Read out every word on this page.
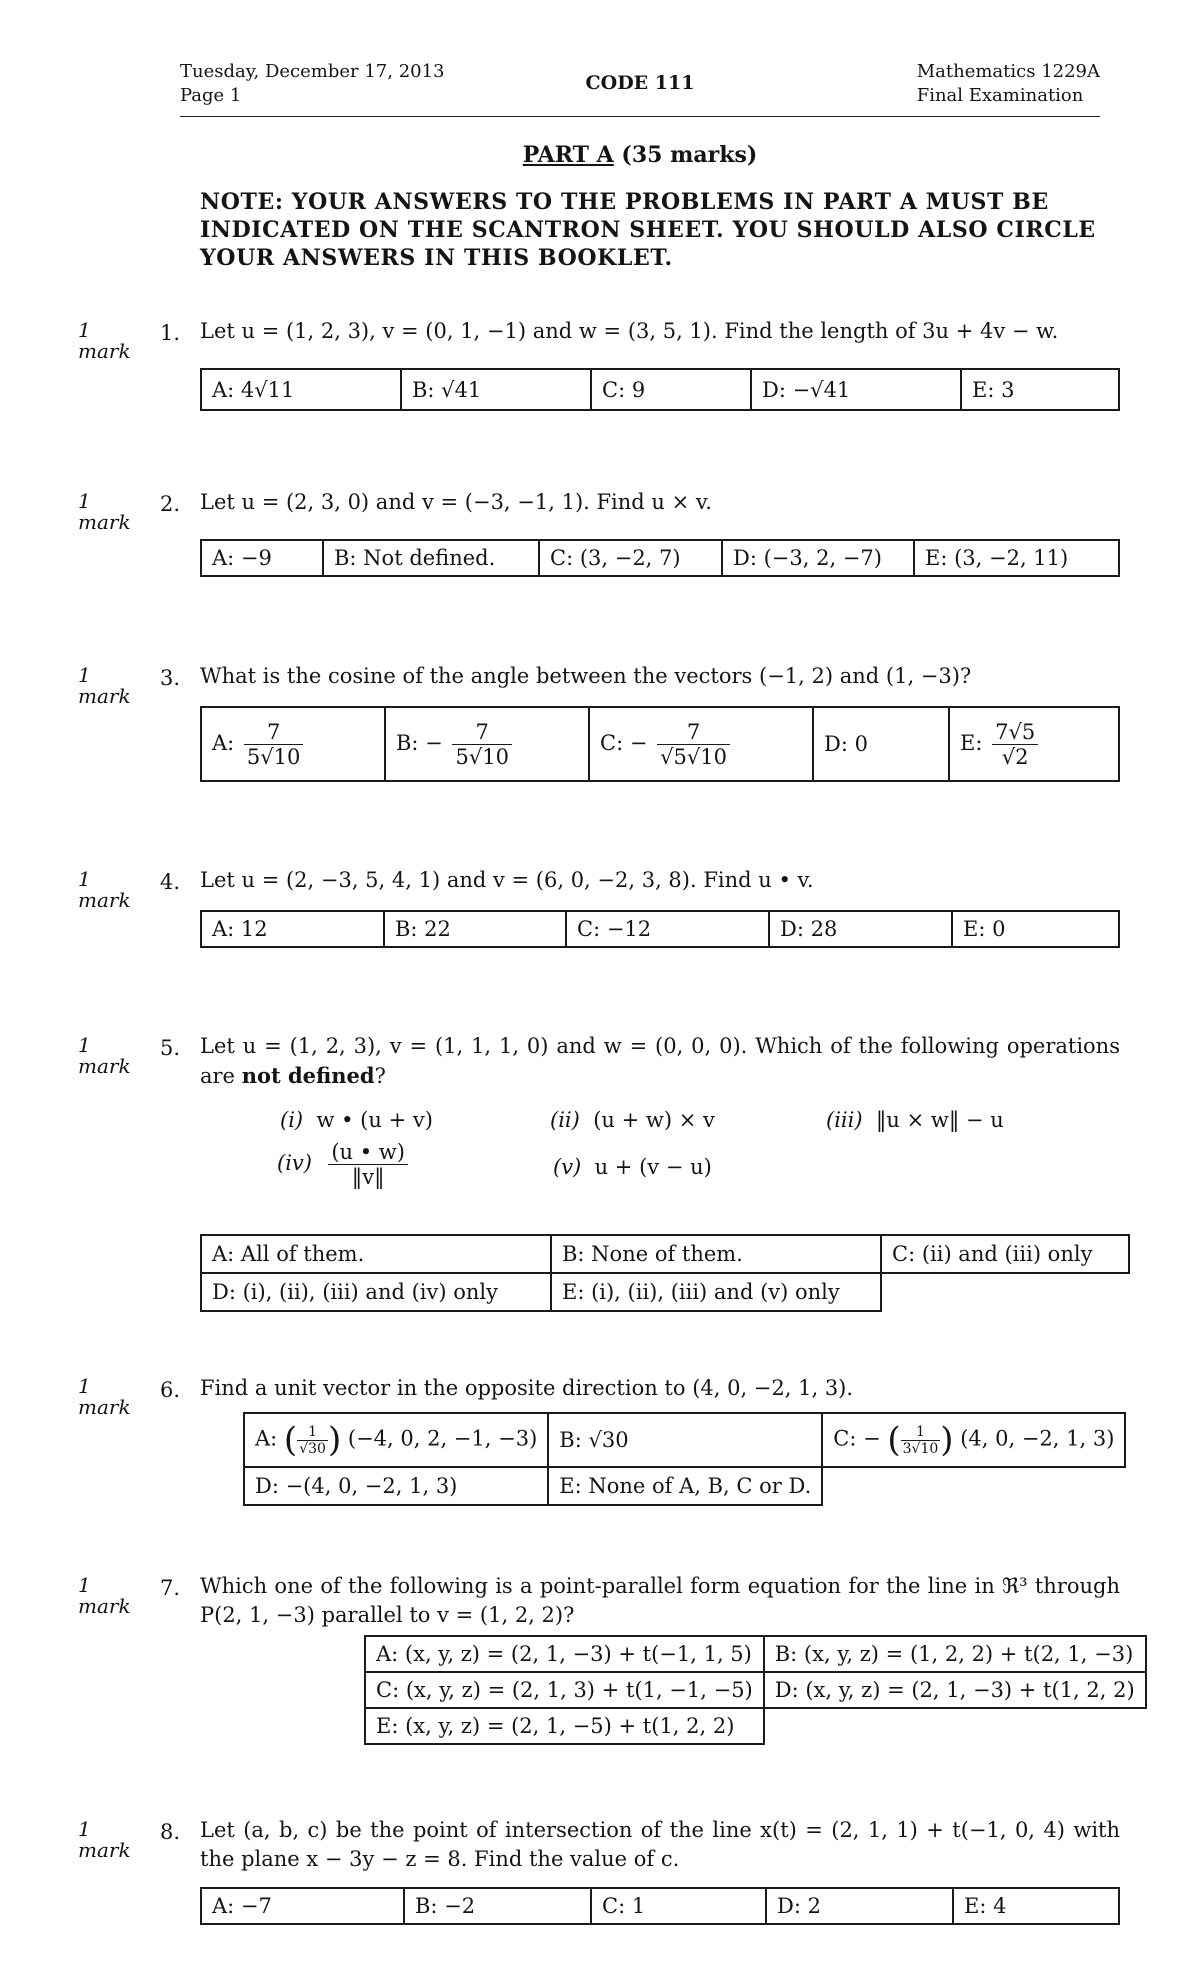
Tuesday, December 17, 2013
Page 1
CODE 111
Mathematics 1229A
Final Examination
PART A (35 marks)
NOTE: YOUR ANSWERS TO THE PROBLEMS IN PART A MUST BE INDICATED ON THE SCANTRON SHEET. YOU SHOULD ALSO CIRCLE YOUR ANSWERS IN THIS BOOKLET.
1
mark
1. Let u = (1, 2, 3), v = (0, 1, −1) and w = (3, 5, 1). Find the length of 3u + 4v − w.
A: 4√11	B: √41	C: 9	D: −√41	E: 3
1
mark
2. Let u = (2, 3, 0) and v = (−3, −1, 1). Find u × v.
A: −9	B: Not defined.	C: (3, −2, 7)	D: (−3, 2, −7)	E: (3, −2, 11)
1
mark
3. What is the cosine of the angle between the vectors (−1, 2) and (1, −3)?
A: $\frac{7}{5√10}$	B: − $\frac{7}{5√10}$	C: − $\frac{7}{√5√10}$	D: 0	E: $\frac{7√5}{√2}$
1
mark
4. Let u = (2, −3, 5, 4, 1) and v = (6, 0, −2, 3, 8). Find u • v.
A: 12	B: 22	C: −12	D: 28	E: 0
1
mark
5. Let u = (1, 2, 3), v = (1, 1, 1, 0) and w = (0, 0, 0). Which of the following operations are not defined?
(i) w • (u + v)	(ii) (u + w) × v	(iii) ‖u × w‖ − u
$(iv) \frac{(u • w)}{‖v‖}$	(v) u + (v − u)
A: All of them.	B: None of them.	C: (ii) and (iii) only
D: (i), (ii), (iii) and (iv) only	E: (i), (ii), (iii) and (v) only	
1
mark
6. Find a unit vector in the opposite direction to (4, 0, −2, 1, 3).
A: ( $\frac{1}{√30}$ ) (−4, 0, 2, −1, −3)	B: √30	C: − ( $\frac{1}{3√10}$ ) (4, 0, −2, 1, 3)
D: −(4, 0, −2, 1, 3)	E: None of A, B, C or D.	
1
mark
7. Which one of the following is a point-parallel form equation for the line in ℜ³ through P(2, 1, −3) parallel to v = (1, 2, 2)?
A: (x, y, z) = (2, 1, −3) + t(−1, 1, 5)	B: (x, y, z) = (1, 2, 2) + t(2, 1, −3)
C: (x, y, z) = (2, 1, 3) + t(1, −1, −5)	D: (x, y, z) = (2, 1, −3) + t(1, 2, 2)
E: (x, y, z) = (2, 1, −5) + t(1, 2, 2)	
1
mark
8. Let (a, b, c) be the point of intersection of the line x(t) = (2, 1, 1) + t(−1, 0, 4) with the plane x − 3y − z = 8. Find the value of c.
A: −7	B: −2	C: 1	D: 2	E: 4
